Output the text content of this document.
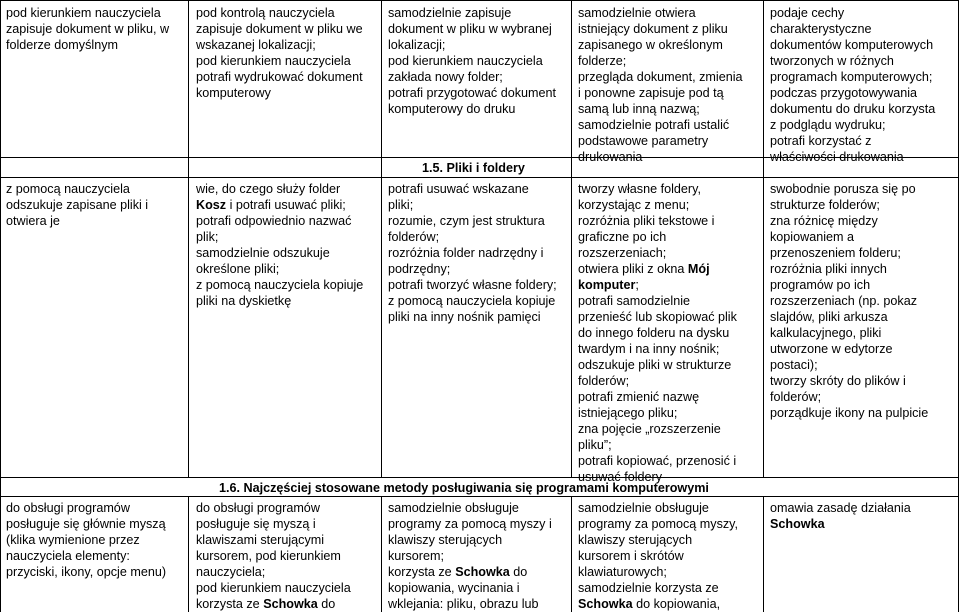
pod kierunkiem nauczyciela
zapisuje dokument w pliku, w
folderze domyślnym
pod kontrolą nauczyciela
zapisuje dokument w pliku we
wskazanej lokalizacji;
pod kierunkiem nauczyciela
potrafi wydrukować dokument
komputerowy
samodzielnie zapisuje
dokument w pliku w wybranej
lokalizacji;
pod kierunkiem nauczyciela
zakłada nowy folder;
potrafi przygotować dokument
komputerowy do druku
samodzielnie otwiera
istniejący dokument z pliku
zapisanego w określonym
folderze;
przegląda dokument, zmienia
i ponowne zapisuje pod tą
samą lub inną nazwą;
samodzielnie potrafi ustalić
podstawowe parametry
drukowania
podaje cechy
charakterystyczne
dokumentów komputerowych
tworzonych w różnych
programach komputerowych;
podczas przygotowywania
dokumentu do druku korzysta
z podglądu wydruku;
potrafi korzystać z
właściwości drukowania
1.5. Pliki i foldery
z pomocą nauczyciela
odszukuje zapisane pliki i
otwiera je
wie, do czego służy folder
Kosz i potrafi usuwać pliki;
potrafi odpowiednio nazwać
plik;
samodzielnie odszukuje
określone pliki;
z pomocą nauczyciela kopiuje
pliki na dyskietkę
potrafi usuwać wskazane
pliki;
rozumie, czym jest struktura
folderów;
rozróżnia folder nadrzędny i
podrzędny;
potrafi tworzyć własne foldery;
z pomocą nauczyciela kopiuje
pliki na inny nośnik pamięci
tworzy własne foldery,
korzystając z menu;
rozróżnia pliki tekstowe i
graficzne po ich
rozszerzeniach;
otwiera pliki z okna Mój
komputer;
potrafi samodzielnie
przenieść lub skopiować plik
do innego folderu na dysku
twardym i na inny nośnik;
odszukuje pliki w strukturze
folderów;
potrafi zmienić nazwę
istniejącego pliku;
zna pojęcie „rozszerzenie
pliku”;
potrafi kopiować, przenosić i
usuwać foldery
swobodnie porusza się po
strukturze folderów;
zna różnicę między
kopiowaniem a
przenoszeniem folderu;
rozróżnia pliki innych
programów po ich
rozszerzeniach (np. pokaz
slajdów, pliki arkusza
kalkulacyjnego, pliki
utworzone w edytorze
postaci);
tworzy skróty do plików i
folderów;
porządkuje ikony na pulpicie
1.6. Najczęściej stosowane metody posługiwania się programami komputerowymi
do obsługi programów
posługuje się głównie myszą
(klika wymienione przez
nauczyciela elementy:
przyciski, ikony, opcje menu)
do obsługi programów
posługuje się myszą i
klawiszami sterującymi
kursorem, pod kierunkiem
nauczyciela;
pod kierunkiem nauczyciela
korzysta ze Schowka do
samodzielnie obsługuje
programy za pomocą myszy i
klawiszy sterujących
kursorem;
korzysta ze Schowka do
kopiowania, wycinania i
wklejania: pliku, obrazu lub
samodzielnie obsługuje
programy za pomocą myszy,
klawiszy sterujących
kursorem i skrótów
klawiaturowych;
samodzielnie korzysta ze
Schowka do kopiowania,
omawia zasadę działania
Schowka
